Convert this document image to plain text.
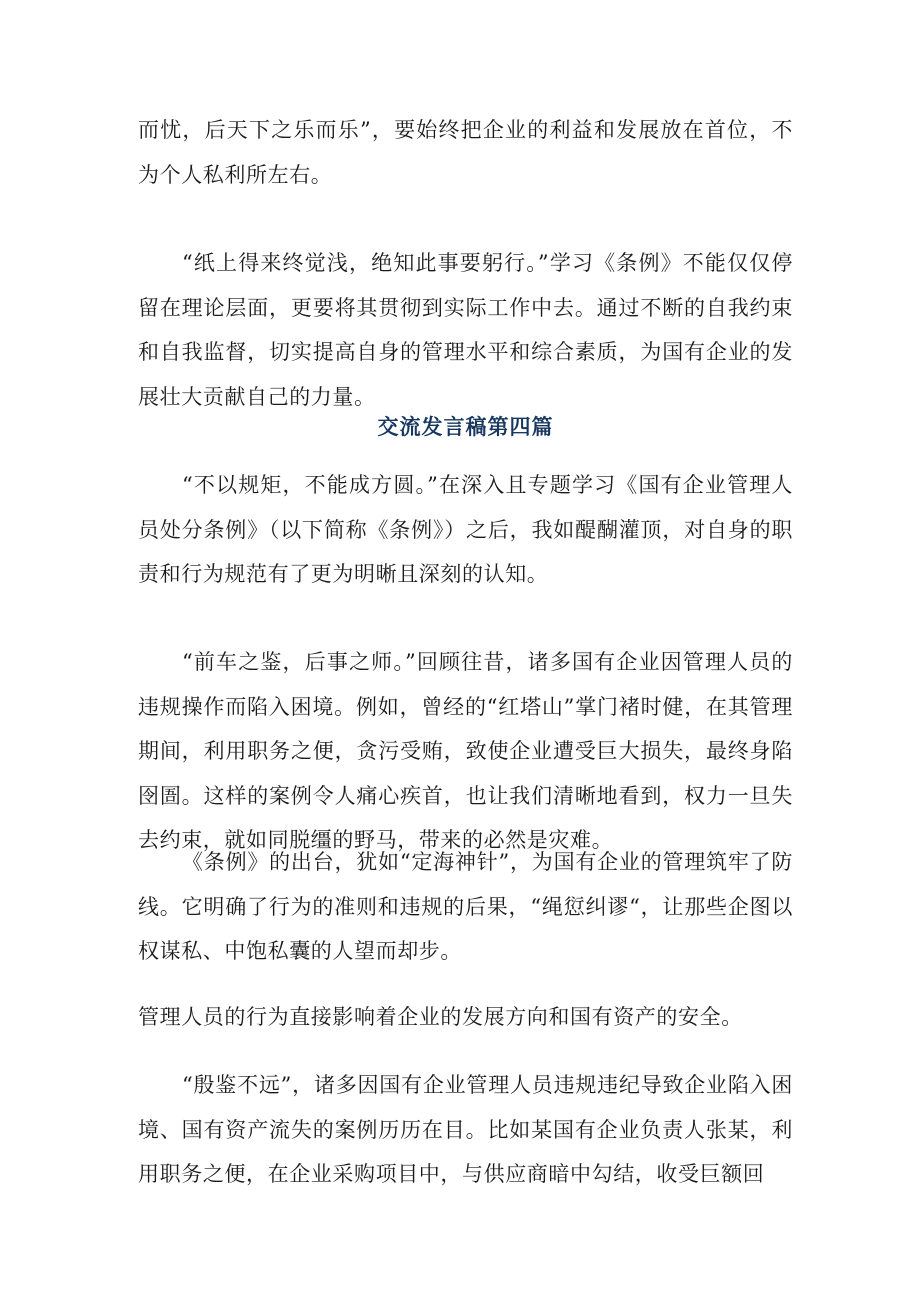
而忧，后天下之乐而乐”，要始终把企业的利益和发展放在首位，不为个人私利所左右。

“纸上得来终觉浅，绝知此事要躬行。”学习《条例》不能仅仅停留在理论层面，更要将其贯彻到实际工作中去。通过不断的自我约束和自我监督，切实提高自身的管理水平和综合素质，为国有企业的发展壮大贡献自己的力量。

交流发言稿第四篇

“不以规矩，不能成方圆。”在深入且专题学习《国有企业管理人员处分条例》（以下简称《条例》）之后，我如醍醐灌顶，对自身的职责和行为规范有了更为明晰且深刻的认知。

“前车之鉴，后事之师。”回顾往昔，诸多国有企业因管理人员的违规操作而陷入困境。例如，曾经的“红塔山”掌门褚时健，在其管理期间，利用职务之便，贪污受贿，致使企业遭受巨大损失，最终身陷囹圄。这样的案例令人痛心疾首，也让我们清晰地看到，权力一旦失去约束，就如同脱缰的野马，带来的必然是灾难。

《条例》的出台，犹如“定海神针”，为国有企业的管理筑牢了防线。它明确了行为的准则和违规的后果，“绳愆纠谬“，让那些企图以权谋私、中饱私囊的人望而却步。

管理人员的行为直接影响着企业的发展方向和国有资产的安全。

“殷鉴不远”，诸多因国有企业管理人员违规违纪导致企业陷入困境、国有资产流失的案例历历在目。比如某国有企业负责人张某，利用职务之便，在企业采购项目中，与供应商暗中勾结，收受巨额回
